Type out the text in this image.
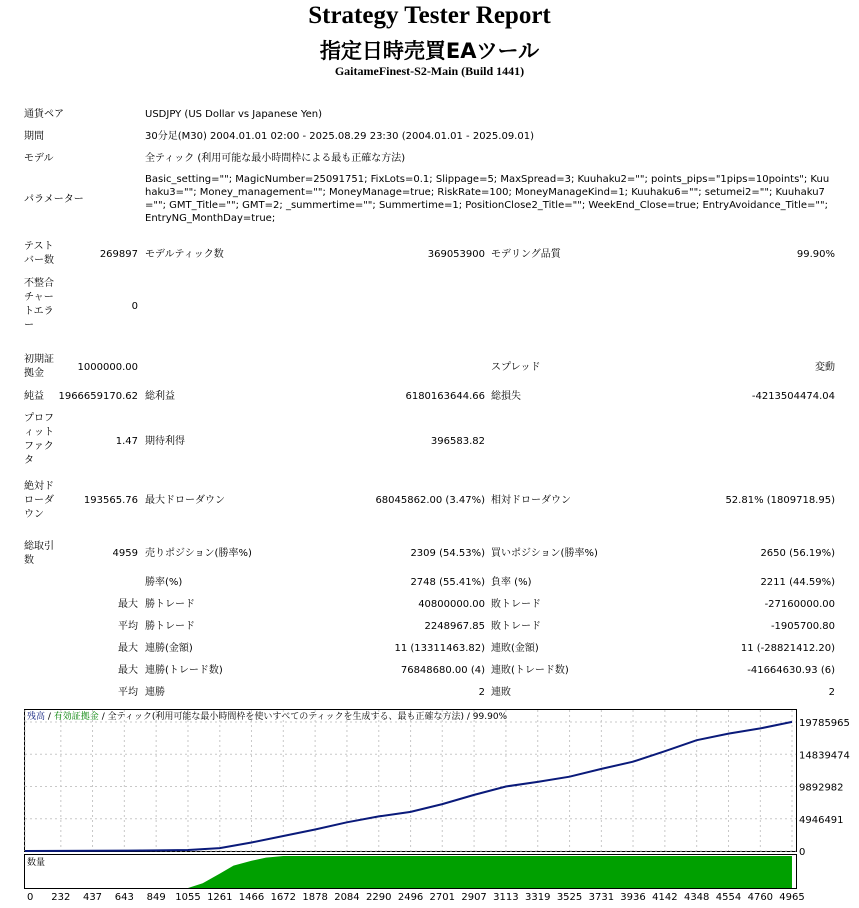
Strategy Tester Report
指定日時売買EAツール
GaitameFinest-S2-Main (Build 1441)
通貨ペア	USDJPY (US Dollar vs Japanese Yen)
期間	30分足(M30) 2004.01.01 02:00 - 2025.08.29 23:30 (2004.01.01 - 2025.09.01)
モデル	全ティック (利用可能な最小時間枠による最も正確な方法)
パラメーター
Basic_setting=""; MagicNumber=25091751; FixLots=0.1; Slippage=5; MaxSpread=3; Kuuhaku2=""; points_pips="1pips=10points"; Kuuhaku3=""; Money_management=""; MoneyManage=true; RiskRate=100; MoneyManageKind=1; Kuuhaku6=""; setumei2=""; Kuuhaku7=""; GMT_Title=""; GMT=2; _summertime=""; Summertime=1; PositionClose2_Title=""; WeekEnd_Close=true; EntryAvoidance_Title=""; EntryNG_MonthDay=true;
テスト
バー数
269897 モデルティック数	369053900 モデリング品質	99.90%
不整合
チャー
トエラ
ー
0
初期証
拠金
1000000.00	スプレッド	変動
純益	1966659170.62 総利益	6180163644.66 総損失	-4213504474.04
プロフ
ィット
ファク
タ
1.47 期待利得	396583.82
絶対ド
ローダ
ウン
193565.76 最大ドローダウン	68045862.00 (3.47%) 相対ドローダウン	52.81% (1809718.95)
総取引
数
4959 売りポジション(勝率%)	2309 (54.53%) 買いポジション(勝率%)	2650 (56.19%)
勝率(%)	2748 (55.41%) 負率 (%)	2211 (44.59%)
最大 勝トレード	40800000.00 敗トレード	-27160000.00
平均 勝トレード	2248967.85 敗トレード	-1905700.80
最大 連勝(金額)	11 (13311463.82) 連敗(金額)	11 (-28821412.20)
最大 連勝(トレード数)	76848680.00 (4) 連敗(トレード数)	-41664630.93 (6)
平均 連勝	2 連敗	2
19785965
14839474
9892982
4946491
0
0 232 437 643 849 1055 1261 1466 1672 1878 2084 2290 2496 2701 2907 3113 3319 3525 3731 3936 4142 4348 4554 4760 4965
残高 / 有効証拠金 / 全ティック(利用可能な最小時間枠を使いすべてのティックを生成する、最も正確な方法) / 99.90%
数量
